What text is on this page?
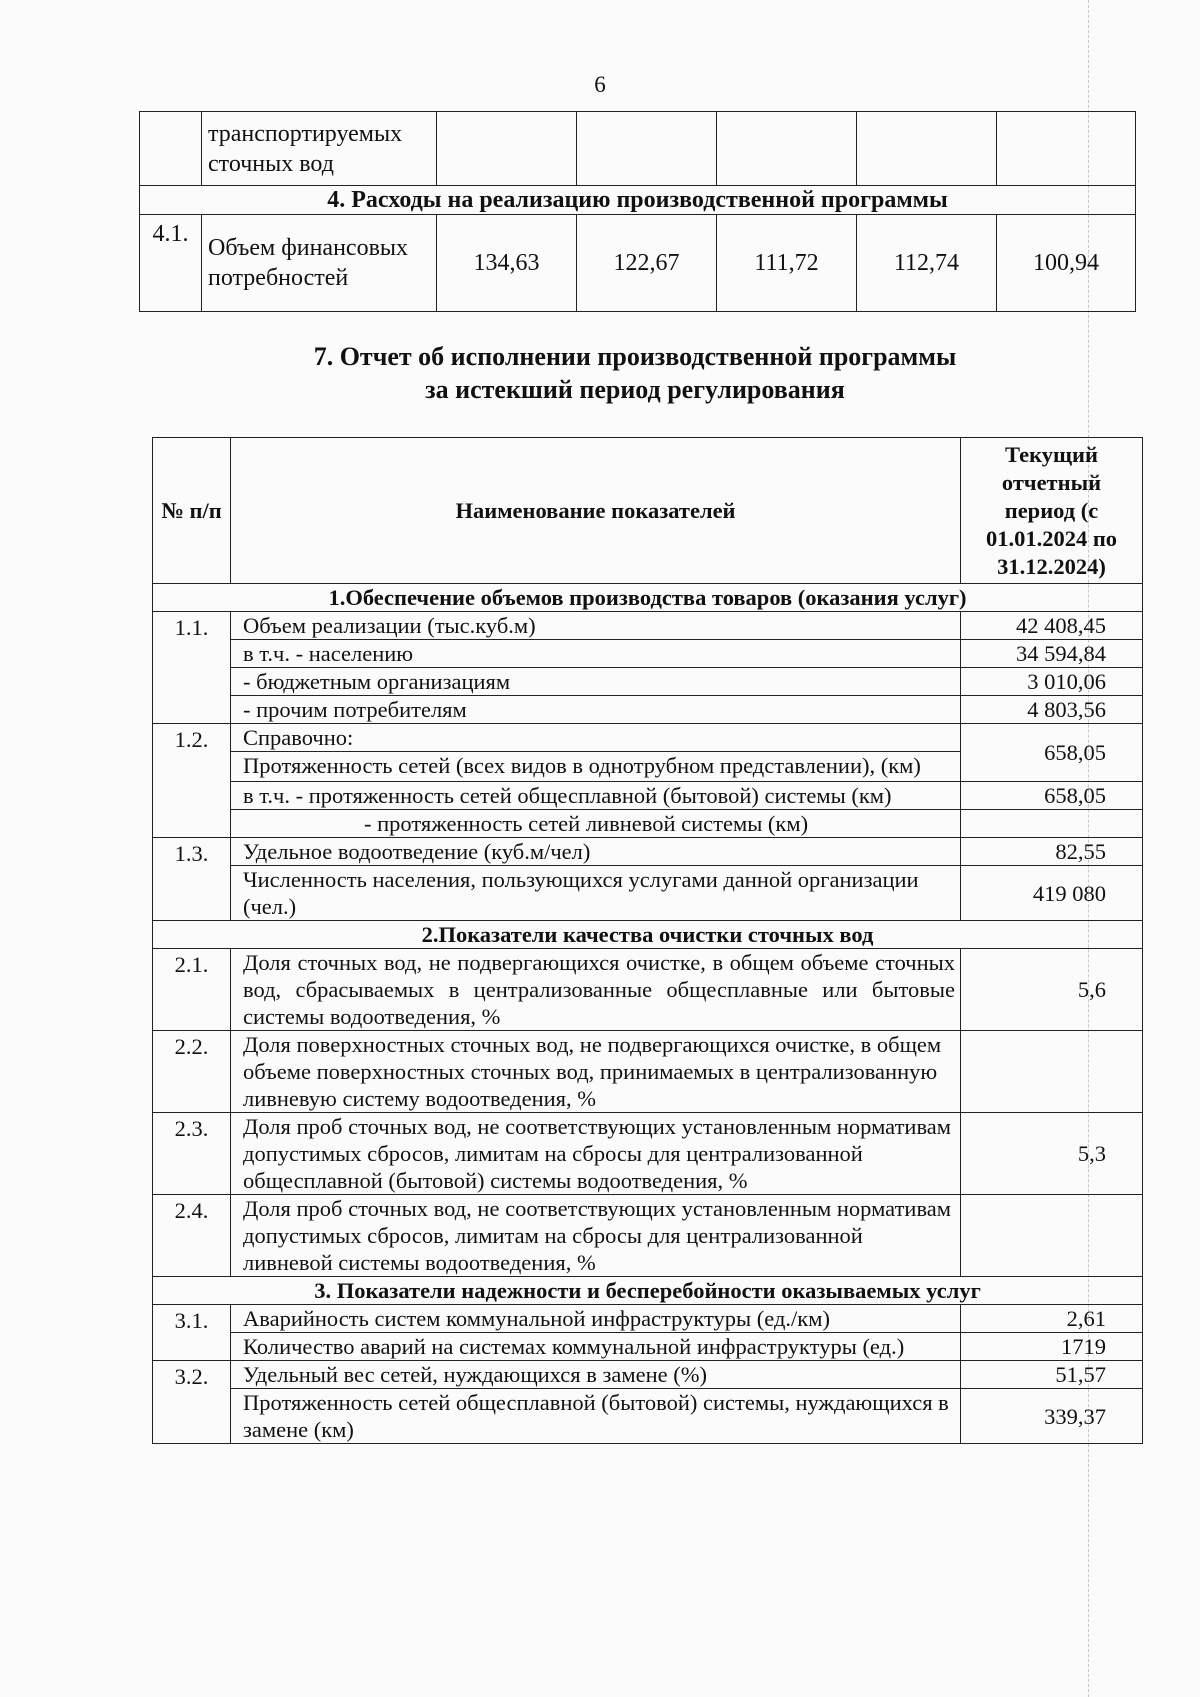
6
	транспортируемых сточных вод					
4. Расходы на реализацию производственной программы						
4.1.	Объем финансовых потребностей	134,63	122,67	111,72	112,74	100,94
7. Отчет об исполнении производственной программы
за истекший период регулирования
№ п/п	Наименование показателей	Текущий отчетный период (с 01.01.2024 по 31.12.2024)
1.Обеспечение объемов производства товаров (оказания услуг)		
1.1.	Объем реализации (тыс.куб.м)	42 408,45
	в т.ч. - населению	34 594,84
	- бюджетным организациям	3 010,06
	- прочим потребителям	4 803,56
1.2.	Справочно:
Протяженность сетей (всех видов в однотрубном представлении), (км)	658,05
	в т.ч. - протяженность сетей общесплавной (бытовой) системы (км)	658,05
	- протяженность сетей ливневой системы (км)	
1.3.	Удельное водоотведение (куб.м/чел)	82,55
	Численность населения, пользующихся услугами данной организации (чел.)	419 080
2.Показатели качества очистки сточных вод		
2.1.	Доля сточных вод, не подвергающихся очистке, в общем объеме сточных вод, сбрасываемых в централизованные общесплавные или бытовые системы водоотведения, %	5,6
2.2.	Доля поверхностных сточных вод, не подвергающихся очистке, в общем объеме поверхностных сточных вод, принимаемых в централизованную ливневую систему водоотведения, %	
2.3.	Доля проб сточных вод, не соответствующих установленным нормативам допустимых сбросов, лимитам на сбросы для централизованной общесплавной (бытовой) системы водоотведения, %	5,3
2.4.	Доля проб сточных вод, не соответствующих установленным нормативам допустимых сбросов, лимитам на сбросы для централизованной ливневой системы водоотведения, %	
3. Показатели надежности и бесперебойности оказываемых услуг		
3.1.	Аварийность систем коммунальной инфраструктуры (ед./км)	2,61
	Количество аварий на системах коммунальной инфраструктуры (ед.)	1719
3.2.	Удельный вес сетей, нуждающихся в замене (%)	51,57
	Протяженность сетей общесплавной (бытовой) системы, нуждающихся в замене (км)	339,37
